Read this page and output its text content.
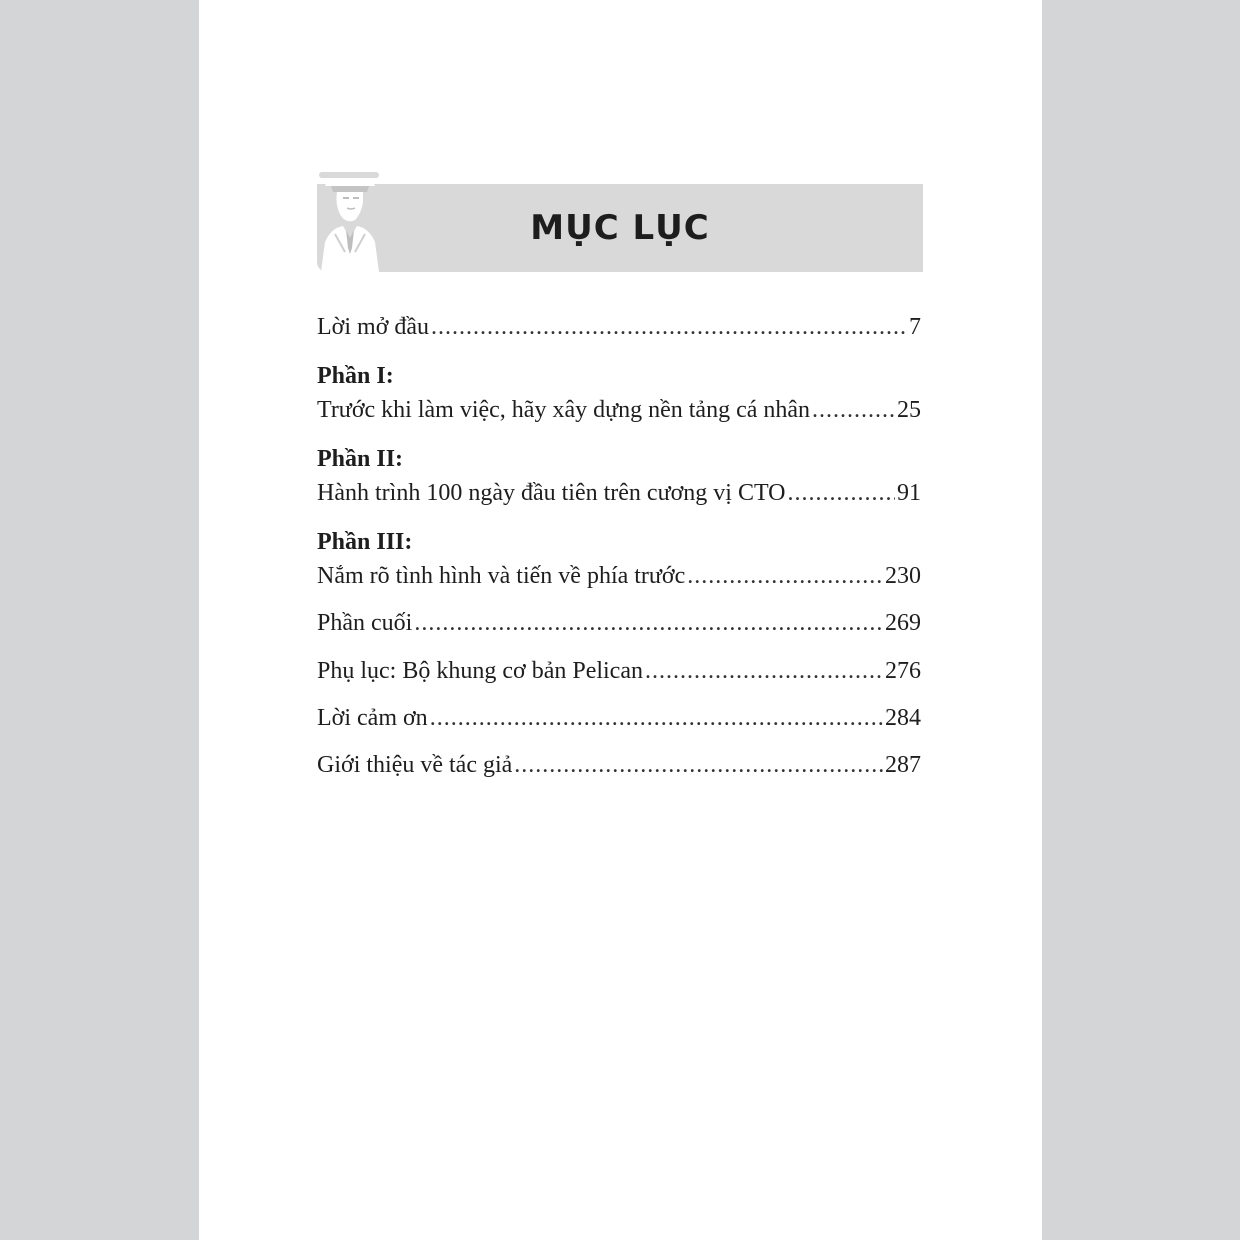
MỤC LỤC
Lời mở đầu .....	7
Phần I:
Trước khi làm việc, hãy xây dựng nền tảng cá nhân .....	25
Phần II:
Hành trình 100 ngày đầu tiên trên cương vị CTO .....	91
Phần III:
Nắm rõ tình hình và tiến về phía trước .....	230
Phần cuối .....	269
Phụ lục: Bộ khung cơ bản Pelican .....	276
Lời cảm ơn .....	284
Giới thiệu về tác giả .....	287
